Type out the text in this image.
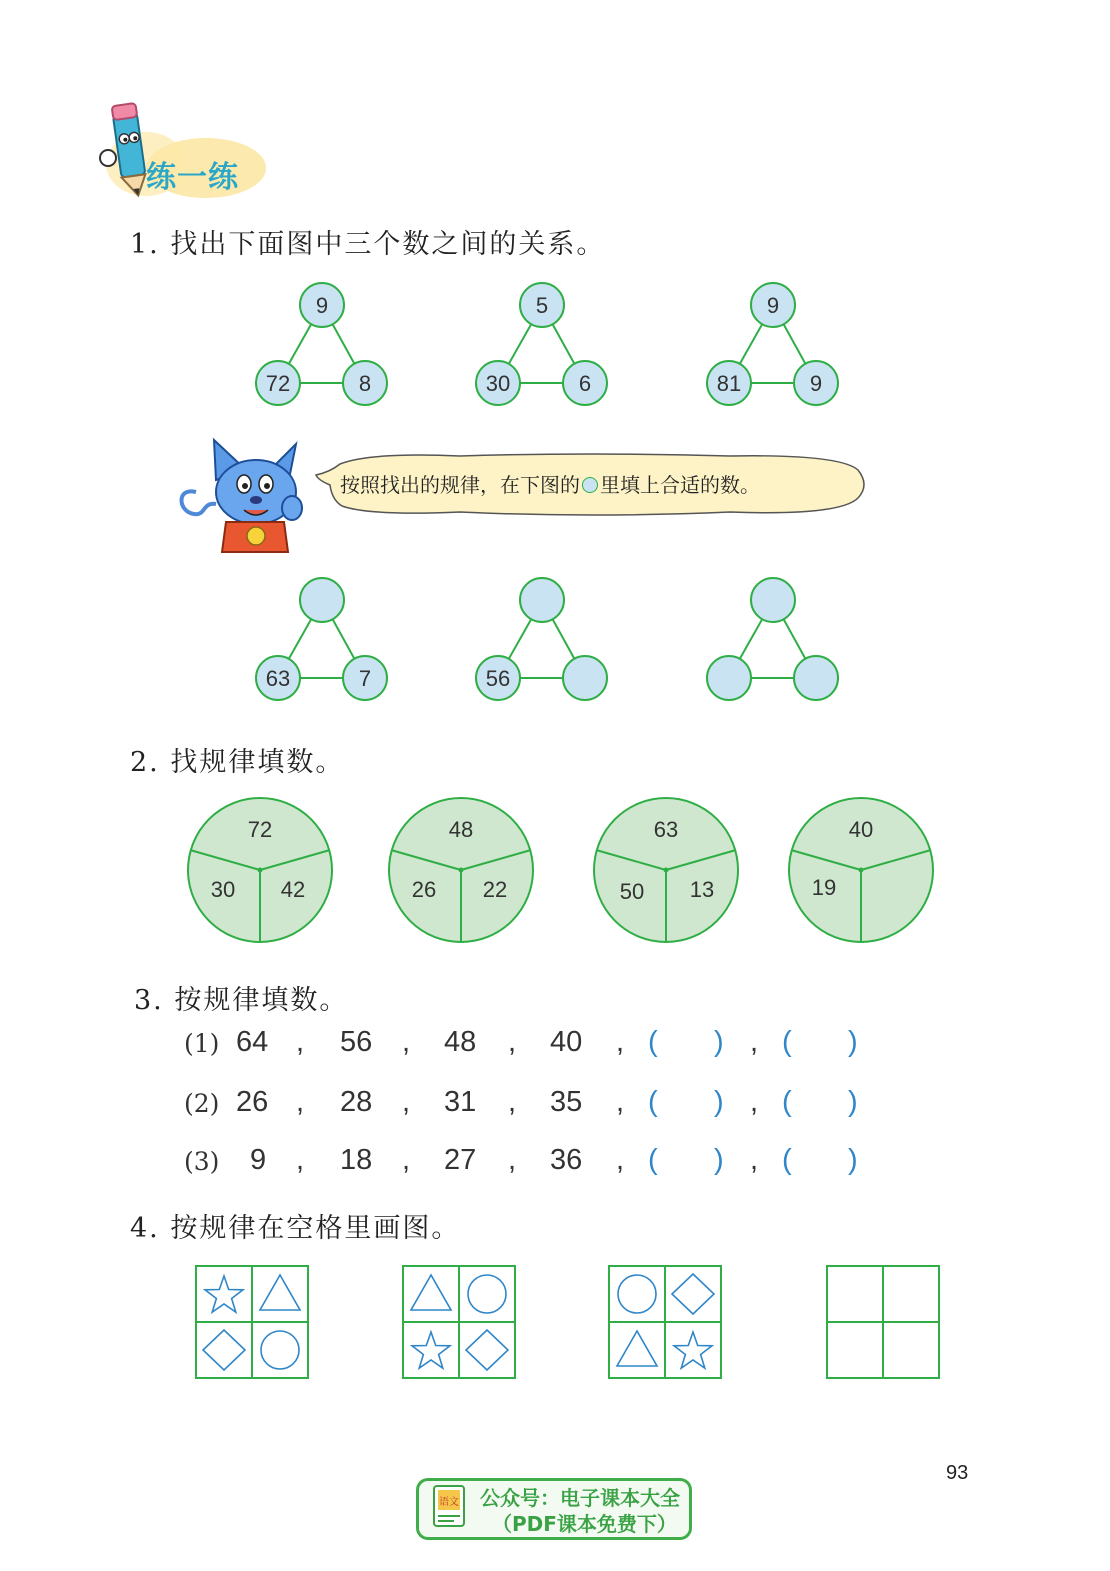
练一练
1. 找出下面图中三个数之间的关系。
9
72	8
5
30	6
9
81	9
按照找出的规律，在下图的 里填上合适的数。
63	7	56
2. 找规律填数。
72
30 42
48
26 22
63
50 13
40
19
3. 按规律填数。
(1) 64 , 56 , 48 , 40 , ( ) , ( )
(2) 26 , 28 , 31 , 35 , ( ) , ( )
(3) 9 , 18 , 27 , 36 , ( ) , ( )
4. 按规律在空格里画图。
93
语文 公众号：电子课本大全
（PDF课本免费下）
